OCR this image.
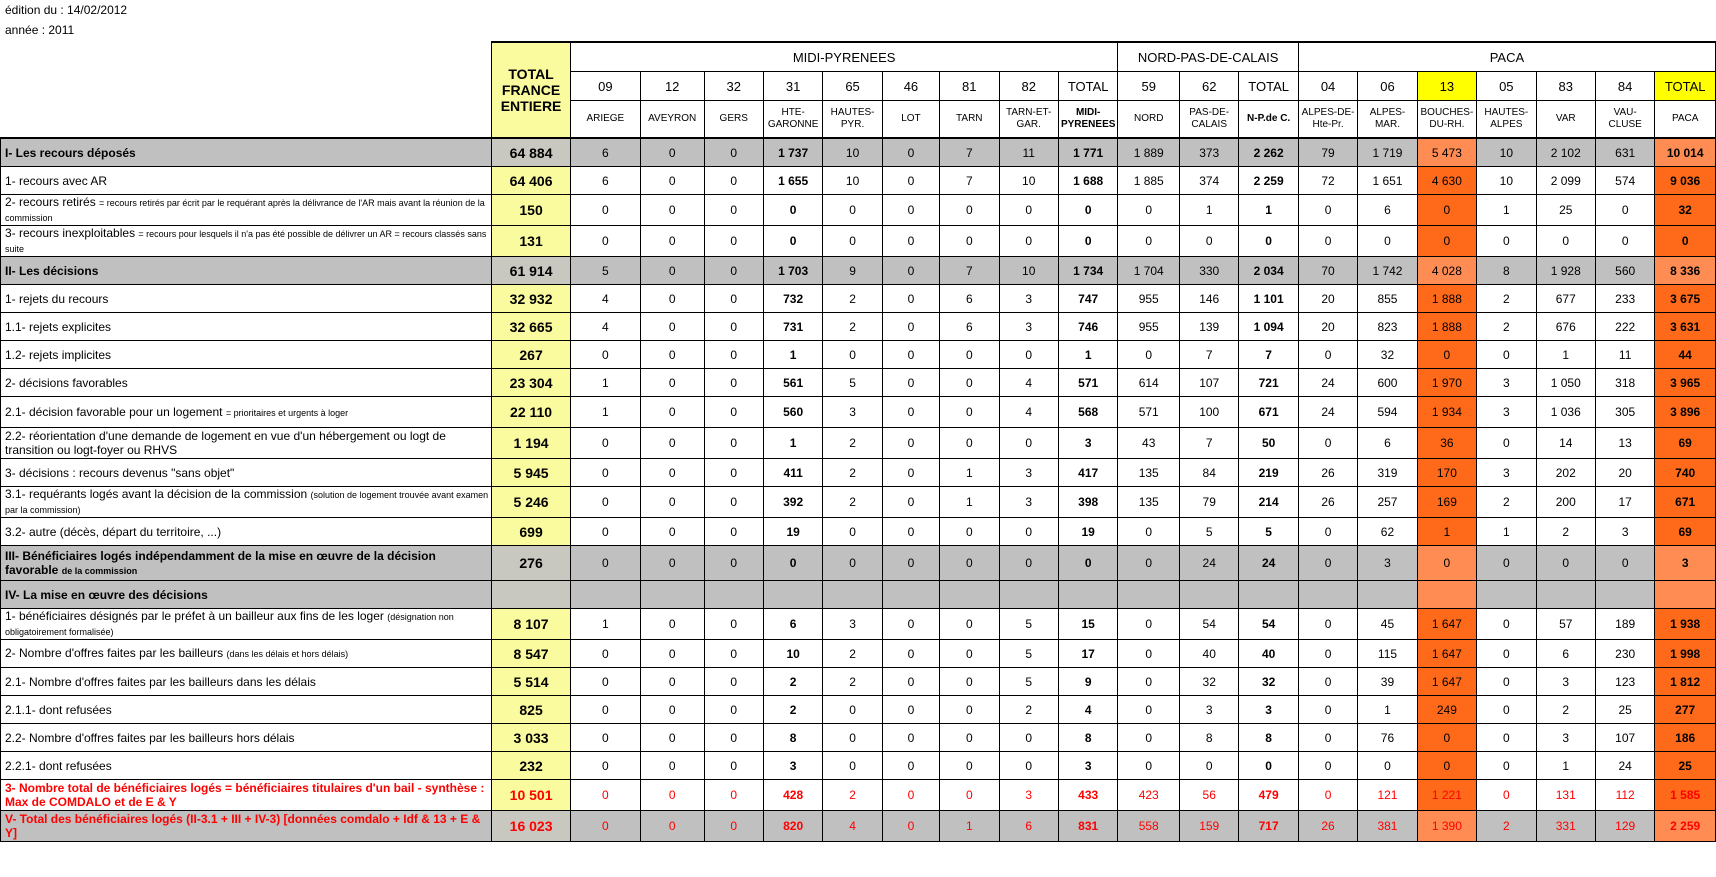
édition du : 14/02/2012
année : 2011
	TOTAL FRANCE ENTIERE	MIDI-PYRENEES									NORD-PAS-DE-CALAIS			PACA						
		09	12	32	31	65	46	81	82	TOTAL	59	62	TOTAL	04	06	13	05	83	84	TOTAL
		ARIEGE	AVEYRON	GERS	HTE-GARONNE	HAUTES-PYR.	LOT	TARN	TARN-ET-GAR.	MIDI-PYRENEES	NORD	PAS-DE-CALAIS	N-P.de C.	ALPES-DE-Hte-Pr.	ALPES-MAR.	BOUCHES-DU-RH.	HAUTES-ALPES	VAR	VAU-CLUSE	PACA
I- Les recours déposés	64 884	6	0	0	1 737	10	0	7	11	1 771	1 889	373	2 262	79	1 719	5 473	10	2 102	631	10 014
1- recours avec AR	64 406	6	0	0	1 655	10	0	7	10	1 688	1 885	374	2 259	72	1 651	4 630	10	2 099	574	9 036
2- recours retirés = recours retirés par écrit par le requérant après la délivrance de l'AR mais avant la réunion de la commission	150	0	0	0	0	0	0	0	0	0	0	1	1	0	6	0	1	25	0	32
3- recours inexploitables = recours pour lesquels il n'a pas été possible de délivrer un AR = recours classés sans suite	131	0	0	0	0	0	0	0	0	0	0	0	0	0	0	0	0	0	0	0
II- Les décisions	61 914	5	0	0	1 703	9	0	7	10	1 734	1 704	330	2 034	70	1 742	4 028	8	1 928	560	8 336
1- rejets du recours	32 932	4	0	0	732	2	0	6	3	747	955	146	1 101	20	855	1 888	2	677	233	3 675
1.1- rejets explicites	32 665	4	0	0	731	2	0	6	3	746	955	139	1 094	20	823	1 888	2	676	222	3 631
1.2- rejets implicites	267	0	0	0	1	0	0	0	0	1	0	7	7	0	32	0	0	1	11	44
2- décisions favorables	23 304	1	0	0	561	5	0	0	4	571	614	107	721	24	600	1 970	3	1 050	318	3 965
2.1- décision favorable pour un logement = prioritaires et urgents à loger	22 110	1	0	0	560	3	0	0	4	568	571	100	671	24	594	1 934	3	1 036	305	3 896
2.2- réorientation d'une demande de logement en vue d'un hébergement ou logt de transition ou logt-foyer ou RHVS	1 194	0	0	0	1	2	0	0	0	3	43	7	50	0	6	36	0	14	13	69
3- décisions : recours devenus "sans objet"	5 945	0	0	0	411	2	0	1	3	417	135	84	219	26	319	170	3	202	20	740
3.1- requérants logés avant la décision de la commission (solution de logement trouvée avant examen par la commission)	5 246	0	0	0	392	2	0	1	3	398	135	79	214	26	257	169	2	200	17	671
3.2- autre (décès, départ du territoire, ...)	699	0	0	0	19	0	0	0	0	19	0	5	5	0	62	1	1	2	3	69
III- Bénéficiaires logés indépendamment de la mise en œuvre de la décision favorable de la commission	276	0	0	0	0	0	0	0	0	0	0	24	24	0	3	0	0	0	0	3
IV- La mise en œuvre des décisions																				
1- bénéficiaires désignés par le préfet à un bailleur aux fins de les loger (désignation non obligatoirement formalisée)	8 107	1	0	0	6	3	0	0	5	15	0	54	54	0	45	1 647	0	57	189	1 938
2- Nombre d'offres faites par les bailleurs (dans les délais et hors délais)	8 547	0	0	0	10	2	0	0	5	17	0	40	40	0	115	1 647	0	6	230	1 998
2.1- Nombre d'offres faites par les bailleurs dans les délais	5 514	0	0	0	2	2	0	0	5	9	0	32	32	0	39	1 647	0	3	123	1 812
2.1.1- dont refusées	825	0	0	0	2	0	0	0	2	4	0	3	3	0	1	249	0	2	25	277
2.2- Nombre d'offres faites par les bailleurs hors délais	3 033	0	0	0	8	0	0	0	0	8	0	8	8	0	76	0	0	3	107	186
2.2.1- dont refusées	232	0	0	0	3	0	0	0	0	3	0	0	0	0	0	0	0	1	24	25
3- Nombre total de bénéficiaires logés = bénéficiaires titulaires d'un bail - synthèse : Max de COMDALO et de E & Y	10 501	0	0	0	428	2	0	0	3	433	423	56	479	0	121	1 221	0	131	112	1 585
V- Total des bénéficiaires logés (II-3.1 + III + IV-3) [données comdalo + Idf & 13 + E & Y]	16 023	0	0	0	820	4	0	1	6	831	558	159	717	26	381	1 390	2	331	129	2 259
